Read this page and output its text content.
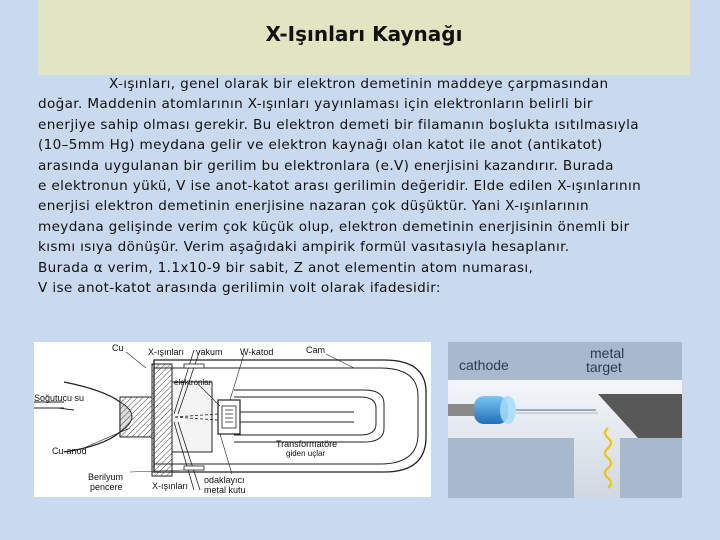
X-Işınları Kaynağı
X-ışınları, genel olarak bir elektron demetinin maddeye çarpmasından
doğar. Maddenin atomlarının X-ışınları yayınlaması için elektronların belirli bir
enerjiye sahip olması gerekir. Bu elektron demeti bir filamanın boşlukta ısıtılmasıyla
(10–5mm Hg) meydana gelir ve elektron kaynağı olan katot ile anot (antikatot)
arasında uygulanan bir gerilim bu elektronlara (e.V) enerjisini kazandırır. Burada
e elektronun yükü, V ise anot-katot arası gerilimin değeridir. Elde edilen X-ışınlarının
enerjisi elektron demetinin enerjisine nazaran çok düşüktür. Yani X-ışınlarının
meydana gelişinde verim çok küçük olup, elektron demetinin enerjisinin önemli bir
kısmı ısıya dönüşür. Verim aşağıdaki ampirik formül vasıtasıyla hesaplanır.
Burada α verim, 1.1x10-9 bir sabit, Z anot elementin atom numarası,
V ise anot-katot arasında gerilimin volt olarak ifadesidir:
Cu	X-ışınları vakum W-katod	Cam
elektronlar
Soğutucu su
Transformatöre
giden uçlar
Cu-anod
Berilyum
pencere	X-ışınları
odaklayıcı
metal kutu
cathode
metal
target
